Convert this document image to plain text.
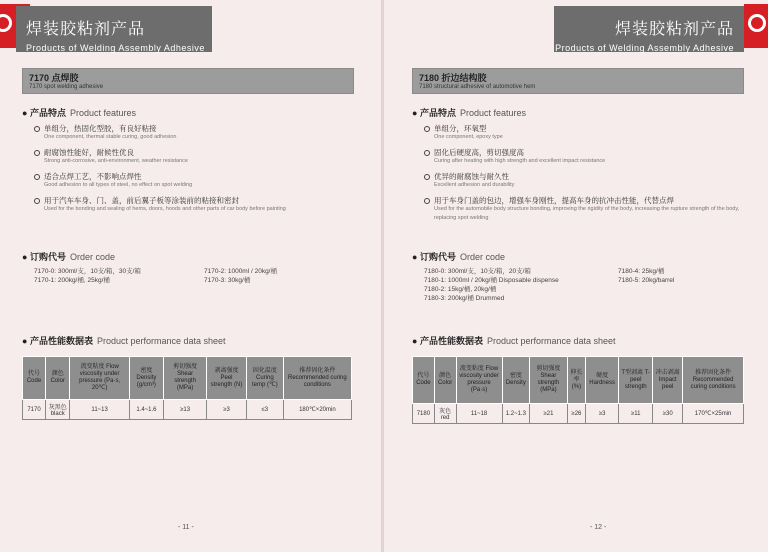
焊装胶粘剂产品
Products of Welding Assembly Adhesive
7170 点焊胶
7170 spot welding adhesive
● 产品特点 Product features
单组分，热固化型胶，有良好粘接
One component, thermal stable curing, good adhesion
耐腐蚀性能好，耐候性优良
Strong anti-corrosive, anti-environment, weather resistance
适合点焊工艺，不影响点焊性
Good adhesion to all types of steel, no effect on spot welding
用于汽车车身、门、盖，前后翼子板等涂装前的粘接和密封
Used for the bonding and sealing of hems, doors, hoods and other parts of car body before painting
● 订购代号 Order code
7170-0: 300ml/支，10支/箱，30支/箱
7170-1: 200kg/桶, 25kg/桶
7170-2: 1000ml / 20kg/桶
7170-3: 30kg/桶
● 产品性能数据表 Product performance data sheet
代号 Code	颜色 Color	流变粘度 Flow viscosity under pressure (Pa·s, 20℃)	密度 Density (g/cm³)	剪切强度 Shear strength (MPa)	剥离强度 Peel strength (N)	固化温度 Curing temp (℃)	推荐固化条件 Recommended curing conditions
7170	灰黑色 black	11~13	1.4~1.6	≥13	≥3	≤3	180℃×20min
- 11 -
焊装胶粘剂产品
Products of Welding Assembly Adhesive
7180 折边结构胶
7180 structural adhesive of automotive hem
● 产品特点 Product features
单组分，环氧型
One component, epoxy type
固化后硬度高，剪切强度高
Curing after heating with high strength and excellent impact resistance
优异的耐腐蚀与耐久性
Excellent adhesion and durability
用于车身门盖的包边，增强车身刚性，提高车身的抗冲击性能，代替点焊
Used for the automobile body structure bonding, improving the rigidity of the body, increasing the rupture strength of the body, replacing spot welding
● 订购代号 Order code
7180-0: 300ml/支，10支/箱，20支/箱
7180-1: 1000ml / 20kg/桶 Disposable dispense
7180-2: 15kg/桶, 20kg/桶
7180-3: 200kg/桶 Drummed
7180-4: 25kg/桶
7180-5: 20kg/barrel
● 产品性能数据表 Product performance data sheet
代号 Code	颜色 Color	流变粘度 Flow viscosity under pressure (Pa·s)	密度 Density	剪切强度 Shear strength (MPa)	伸长率 (%)	硬度 Hardness	T型剥离 T-peel strength	冲击剥离 Impact peel	推荐固化条件 Recommended curing conditions
7180	灰色 red	11~18	1.2~1.3	≥21	≥26	≥3	≥11	≥30	170℃×25min
- 12 -
